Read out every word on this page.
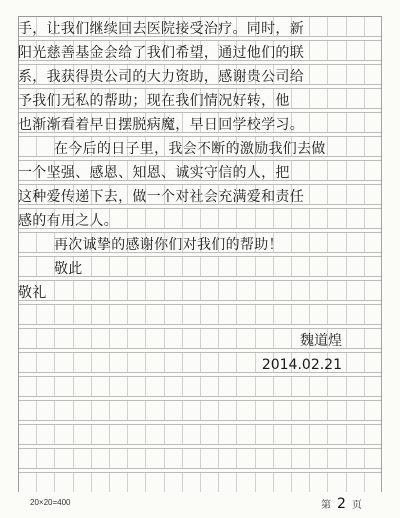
手，让我们继续回去医院接受治疗。同时，新
阳光慈善基金会给了我们希望，通过他们的联
系，我获得贵公司的大力资助，感谢贵公司给
予我们无私的帮助；现在我们情况好转，他
也渐渐看着早日摆脱病魔，早日回学校学习。
在今后的日子里，我会不断的激励我们去做
一个坚强、感恩、知恩、诚实守信的人，把
这种爱传递下去，做一个对社会充满爱和责任
感的有用之人。
再次诚挚的感谢你们对我们的帮助！
敬此
敬礼
魏道煌
2014.02.21
20×20=400	第 2 页
